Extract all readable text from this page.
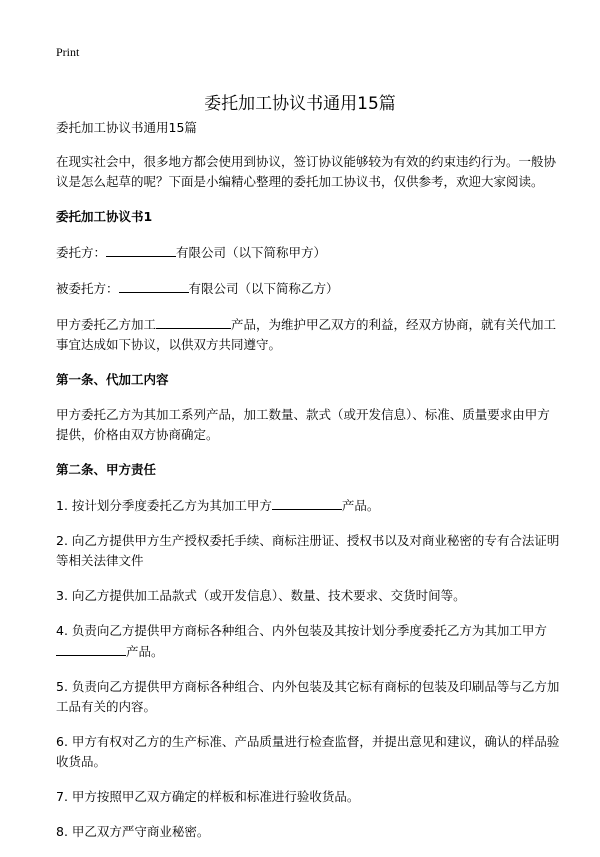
Print
委托加工协议书通用15篇

委托加工协议书通用15篇

在现实社会中，很多地方都会使用到协议，签订协议能够较为有效的约束违约行为。一般协议是怎么起草的呢？下面是小编精心整理的委托加工协议书，仅供参考，欢迎大家阅读。

委托加工协议书1

委托方：	有限公司（以下简称甲方）

被委托方：	有限公司（以下简称乙方）

甲方委托乙方加工	产品，为维护甲乙双方的利益，经双方协商，就有关代加工事宜达成如下协议，以供双方共同遵守。

第一条、代加工内容

甲方委托乙方为其加工系列产品，加工数量、款式（或开发信息）、标准、质量要求由甲方提供，价格由双方协商确定。

第二条、甲方责任

1. 按计划分季度委托乙方为其加工甲方	产品。

2. 向乙方提供甲方生产授权委托手续、商标注册证、授权书以及对商业秘密的专有合法证明等相关法律文件

3. 向乙方提供加工品款式（或开发信息）、数量、技术要求、交货时间等。

4. 负责向乙方提供甲方商标各种组合、内外包装及其按计划分季度委托乙方为其加工甲方产品。

5. 负责向乙方提供甲方商标各种组合、内外包装及其它标有商标的包装及印刷品等与乙方加工品有关的内容。

6. 甲方有权对乙方的生产标准、产品质量进行检查监督，并提出意见和建议，确认的样品验收货品。

7. 甲方按照甲乙双方确定的样板和标准进行验收货品。

8. 甲乙双方严守商业秘密。
